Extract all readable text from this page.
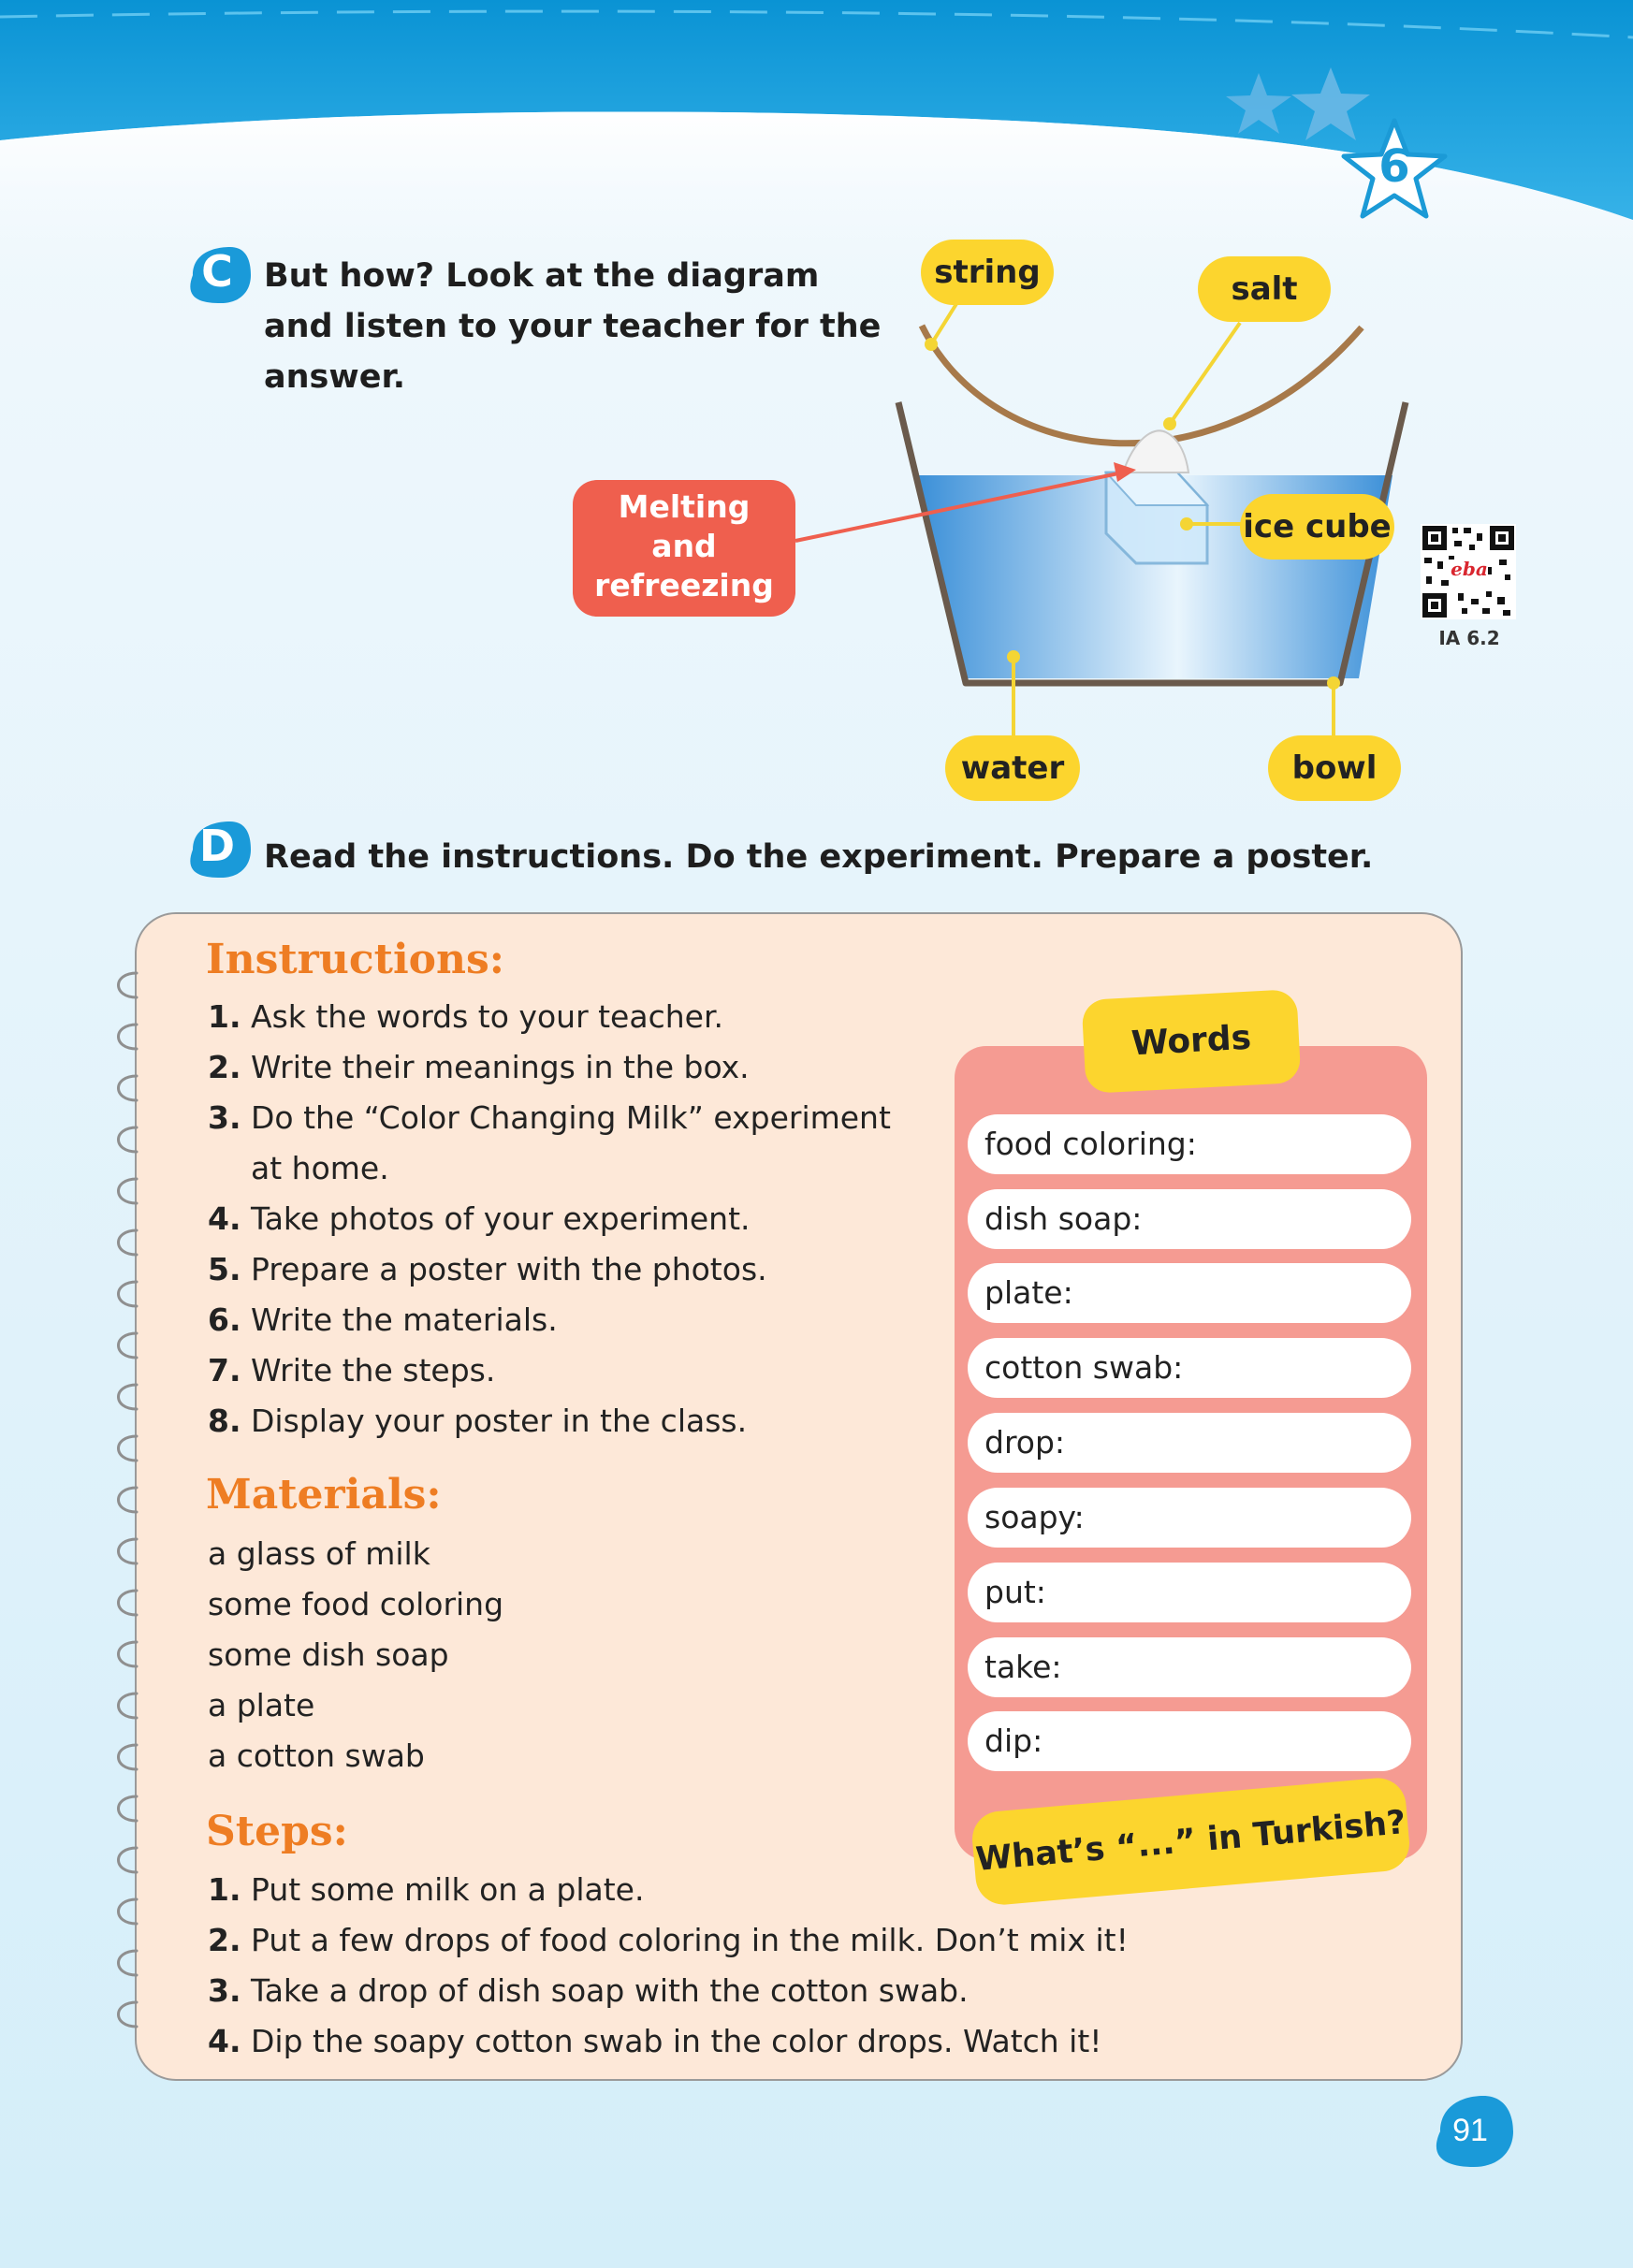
6
C But how? Look at the diagram
and listen to your teacher for the
answer.
string	salt
ice cube
water	bowl
Melting
and
refreezing	eba
IA 6.2
D Read the instructions. Do the experiment. Prepare a poster.
Instructions:
1. Ask the words to your teacher.
2. Write their meanings in the box.
3. Do the “Color Changing Milk” experiment
at home.
4. Take photos of your experiment.
5. Prepare a poster with the photos.
6. Write the materials.
7. Write the steps.
8. Display your poster in the class.
Materials:
a glass of milk
some food coloring
some dish soap
a plate
a cotton swab
Steps:
1. Put some milk on a plate.
2. Put a few drops of food coloring in the milk. Don’t mix it!
3. Take a drop of dish soap with the cotton swab.
4. Dip the soapy cotton swab in the color drops. Watch it!
Words
food coloring:
dish soap:
plate:
cotton swab:
drop:
soapy:
put:
take:
dip:
What’s “...” in Turkish?
91
